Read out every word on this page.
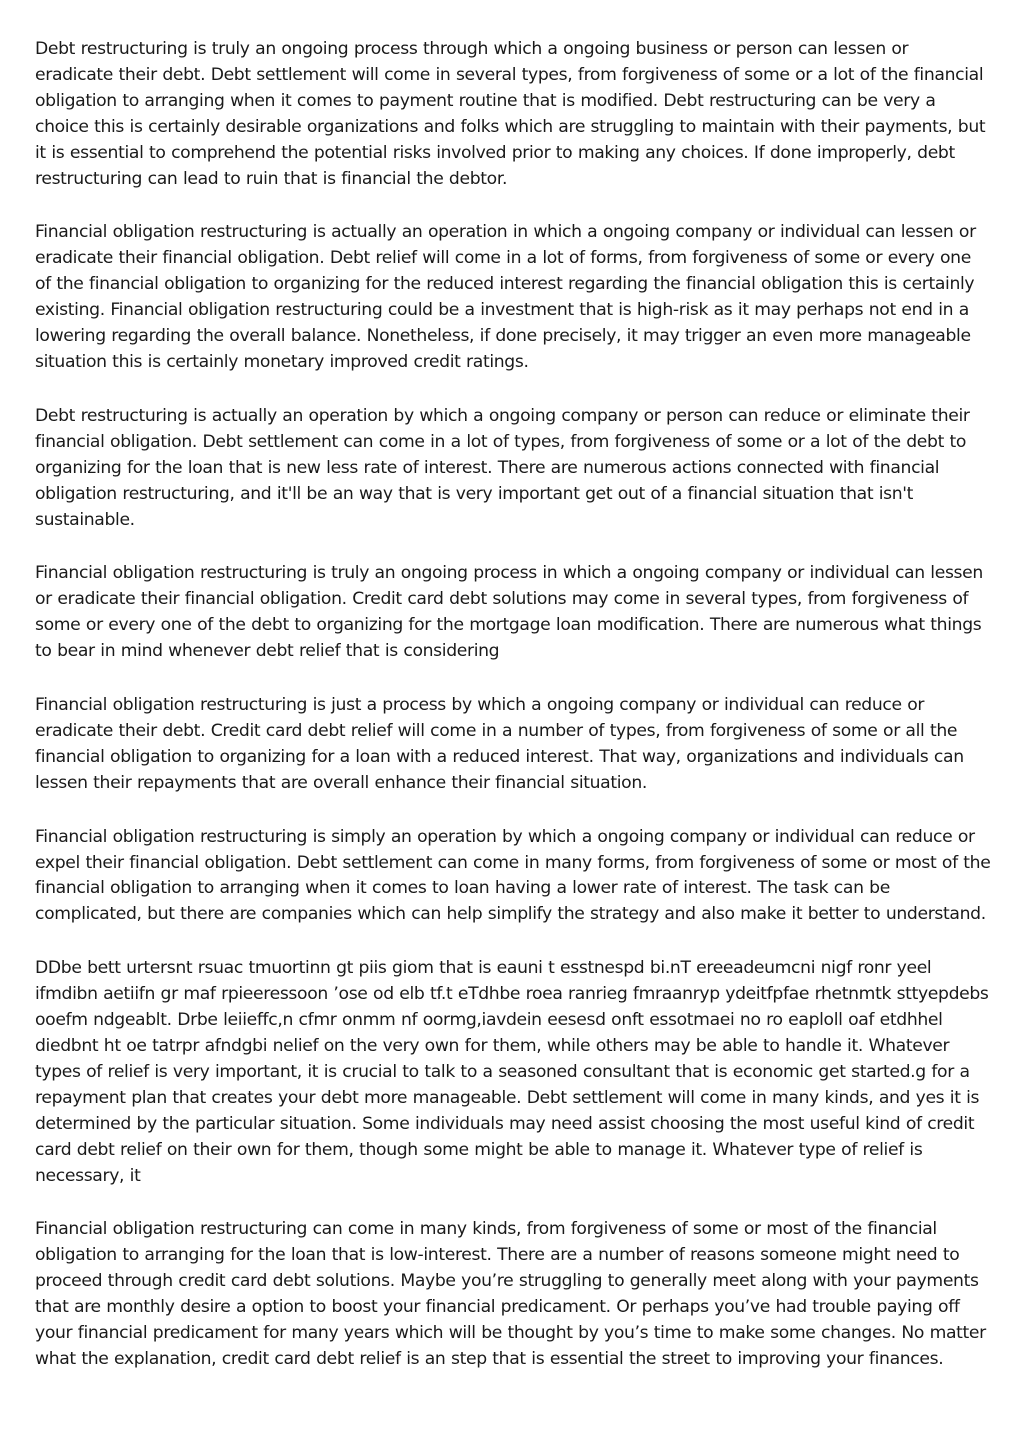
Debt restructuring is truly an ongoing process through which a ongoing business or person can lessen or eradicate their debt. Debt settlement will come in several types, from forgiveness of some or a lot of the financial obligation to arranging when it comes to payment routine that is modified. Debt restructuring can be very a choice this is certainly desirable organizations and folks which are struggling to maintain with their payments, but it is essential to comprehend the potential risks involved prior to making any choices. If done improperly, debt restructuring can lead to ruin that is financial the debtor.

Financial obligation restructuring is actually an operation in which a ongoing company or individual can lessen or eradicate their financial obligation. Debt relief will come in a lot of forms, from forgiveness of some or every one of the financial obligation to organizing for the reduced interest regarding the financial obligation this is certainly existing. Financial obligation restructuring could be a investment that is high-risk as it may perhaps not end in a lowering regarding the overall balance. Nonetheless, if done precisely, it may trigger an even more manageable situation this is certainly monetary improved credit ratings.

Debt restructuring is actually an operation by which a ongoing company or person can reduce or eliminate their financial obligation. Debt settlement can come in a lot of types, from forgiveness of some or a lot of the debt to organizing for the loan that is new less rate of interest. There are numerous actions connected with financial obligation restructuring, and it'll be an way that is very important get out of a financial situation that isn't sustainable.

Financial obligation restructuring is truly an ongoing process in which a ongoing company or individual can lessen or eradicate their financial obligation. Credit card debt solutions may come in several types, from forgiveness of some or every one of the debt to organizing for the mortgage loan modification. There are numerous what things to bear in mind whenever debt relief that is considering

Financial obligation restructuring is just a process by which a ongoing company or individual can reduce or eradicate their debt. Credit card debt relief will come in a number of types, from forgiveness of some or all the financial obligation to organizing for a loan with a reduced interest. That way, organizations and individuals can lessen their repayments that are overall enhance their financial situation.

Financial obligation restructuring is simply an operation by which a ongoing company or individual can reduce or expel their financial obligation. Debt settlement can come in many forms, from forgiveness of some or most of the financial obligation to arranging when it comes to loan having a lower rate of interest. The task can be complicated, but there are companies which can help simplify the strategy and also make it better to understand.

DDbe bett urtersnt rsuac tmuortinn gt piis giom that is eauni t esstnespd bi.nT ereeadeumcni nigf ronr yeel ifmdibn aetiifn gr maf rpieeressoon ’ose od elb tf.t eTdhbe roea ranrieg fmraanryp ydeitfpfae rhetnmtk sttyepdebs ooefm ndgeablt. Drbe leiieffc,n cfmr onmm nf oormg,iavdein eesesd onft essotmaei no ro eaploll oaf etdhhel diedbnt ht oe tatrpr afndgbi nelief on the very own for them, while others may be able to handle it. Whatever types of relief is very important, it is crucial to talk to a seasoned consultant that is economic get started.g for a repayment plan that creates your debt more manageable. Debt settlement will come in many kinds, and yes it is determined by the particular situation. Some individuals may need assist choosing the most useful kind of credit card debt relief on their own for them, though some might be able to manage it. Whatever type of relief is necessary, it

Financial obligation restructuring can come in many kinds, from forgiveness of some or most of the financial obligation to arranging for the loan that is low-interest. There are a number of reasons someone might need to proceed through credit card debt solutions. Maybe you’re struggling to generally meet along with your payments that are monthly desire a option to boost your financial predicament. Or perhaps you’ve had trouble paying off your financial predicament for many years which will be thought by you’s time to make some changes. No matter what the explanation, credit card debt relief is an step that is essential the street to improving your finances.
